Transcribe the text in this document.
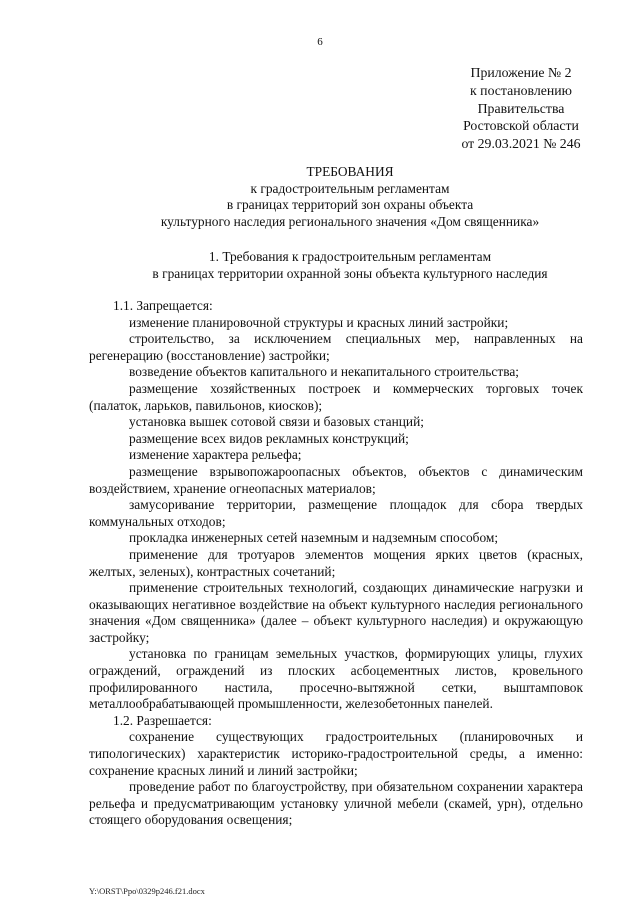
6
Приложение № 2
к постановлению
Правительства
Ростовской области
от 29.03.2021 № 246
ТРЕБОВАНИЯ
к градостроительным регламентам
в границах территорий зон охраны объекта
культурного наследия регионального значения «Дом священника»
1. Требования к градостроительным регламентам
в границах территории охранной зоны объекта культурного наследия

1.1. Запрещается:

изменение планировочной структуры и красных линий застройки;

строительство, за исключением специальных мер, направленных на регенерацию (восстановление) застройки;

возведение объектов капитального и некапитального строительства;

размещение хозяйственных построек и коммерческих торговых точек (палаток, ларьков, павильонов, киосков);

установка вышек сотовой связи и базовых станций;

размещение всех видов рекламных конструкций;

изменение характера рельефа;

размещение взрывопожароопасных объектов, объектов с динамическим воздействием, хранение огнеопасных материалов;

замусоривание территории, размещение площадок для сбора твердых коммунальных отходов;

прокладка инженерных сетей наземным и надземным способом;

применение для тротуаров элементов мощения ярких цветов (красных, желтых, зеленых), контрастных сочетаний;

применение строительных технологий, создающих динамические нагрузки и оказывающих негативное воздействие на объект культурного наследия регионального значения «Дом священника» (далее – объект культурного наследия) и окружающую застройку;

установка по границам земельных участков, формирующих улицы, глухих ограждений, ограждений из плоских асбоцементных листов, кровельного профилированного настила, просечно-вытяжной сетки, выштамповок металлообрабатывающей промышленности, железобетонных панелей.

1.2. Разрешается:

сохранение существующих градостроительных (планировочных и типологических) характеристик историко-градостроительной среды, а именно: сохранение красных линий и линий застройки;

проведение работ по благоустройству, при обязательном сохранении характера рельефа и предусматривающим установку уличной мебели (скамей, урн), отдельно стоящего оборудования освещения;

Y:\ORST\Ppo\0329p246.f21.docx
